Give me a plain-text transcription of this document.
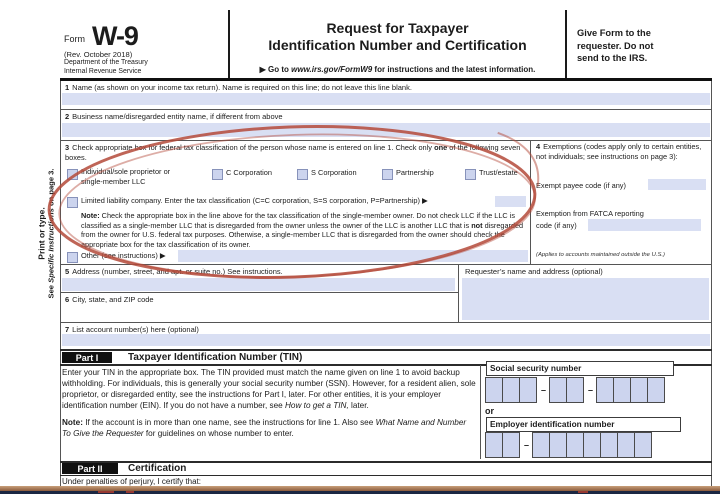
Form W-9
(Rev. October 2018)
Department of the Treasury
Internal Revenue Service
Request for Taxpayer
Identification Number and Certification
▶ Go to www.irs.gov/FormW9 for instructions and the latest information.
Give Form to the requester. Do not send to the IRS.
Print or type.
See Specific Instructions on page 3.
1 Name (as shown on your income tax return). Name is required on this line; do not leave this line blank.
2 Business name/disregarded entity name, if different from above
3 Check appropriate box for federal tax classification of the person whose name is entered on line 1. Check only one of the following seven boxes.
Individual/sole proprietor or single-member LLC
C Corporation	S Corporation	Partnership	Trust/estate
Limited liability company. Enter the tax classification (C=C corporation, S=S corporation, P=Partnership) ▶
Note: Check the appropriate box in the line above for the tax classification of the single-member owner. Do not check LLC if the LLC is classified as a single-member LLC that is disregarded from the owner unless the owner of the LLC is another LLC that is not disregarded from the owner for U.S. federal tax purposes. Otherwise, a single-member LLC that is disregarded from the owner should check the appropriate box for the tax classification of its owner.
Other (see instructions) ▶
4 Exemptions (codes apply only to certain entities, not individuals; see instructions on page 3):
Exempt payee code (if any)
Exemption from FATCA reporting
code (if any)
(Applies to accounts maintained outside the U.S.)
5 Address (number, street, and apt. or suite no.) See instructions.	Requester’s name and address (optional)
6 City, state, and ZIP code
7 List account number(s) here (optional)
Part I	Taxpayer Identification Number (TIN)
Enter your TIN in the appropriate box. The TIN provided must match the name given on line 1 to avoid backup withholding. For individuals, this is generally your social security number (SSN). However, for a resident alien, sole proprietor, or disregarded entity, see the instructions for Part I, later. For other entities, it is your employer identification number (EIN). If you do not have a number, see How to get a TIN, later.
Note: If the account is in more than one name, see the instructions for line 1. Also see What Name and Number To Give the Requester for guidelines on whose number to enter.
Social security number
–	–
or
Employer identification number
–
Part II	Certification
Under penalties of perjury, I certify that:
